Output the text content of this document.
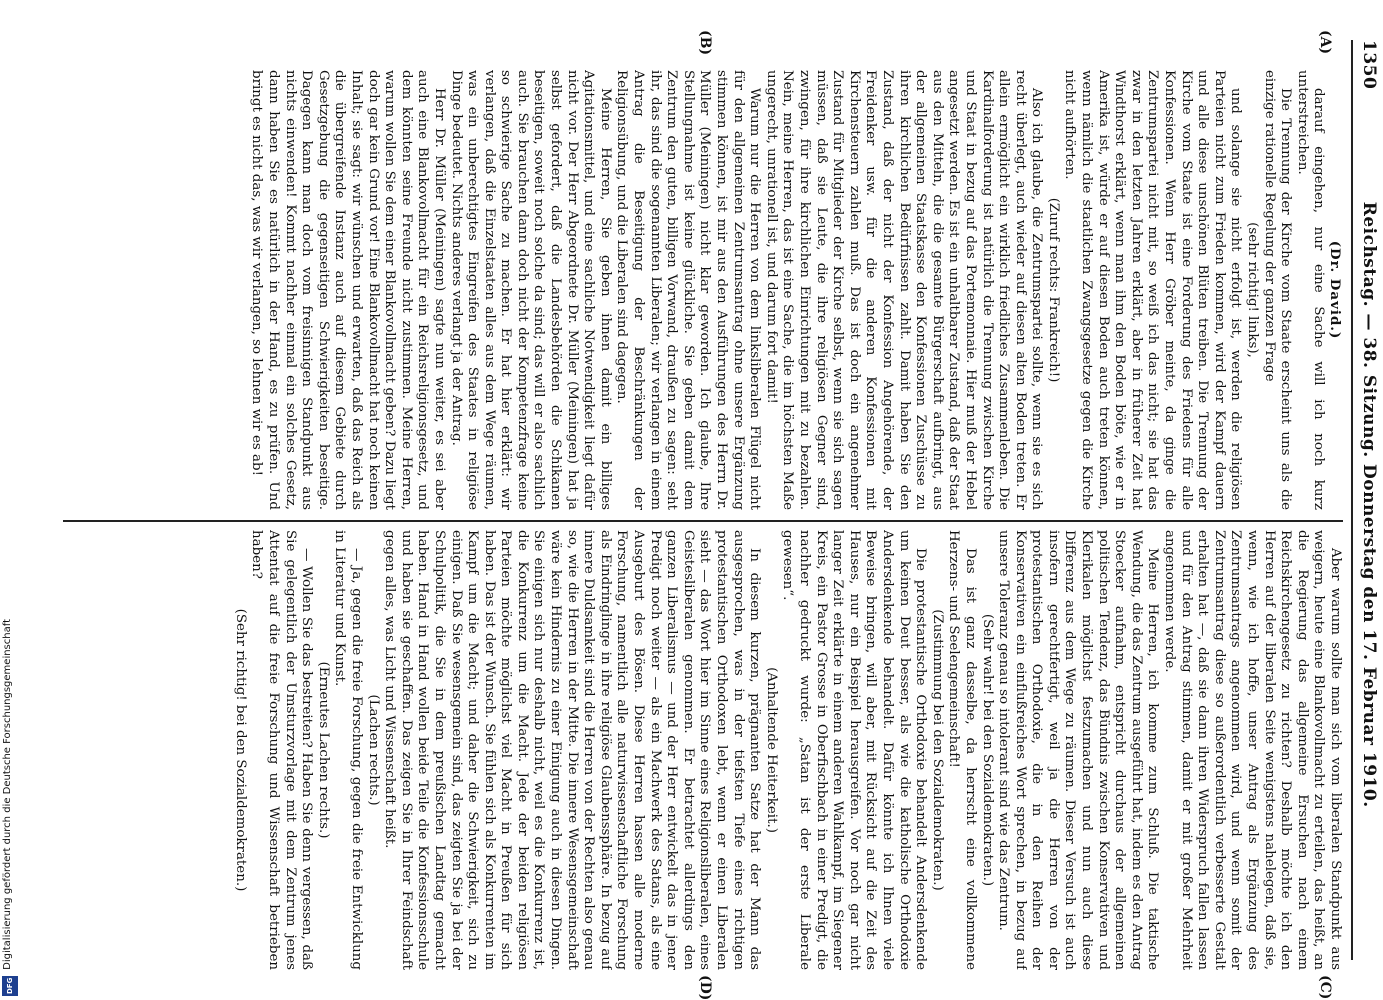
1350
Reichstag. — 38. Sitzung. Donnerstag den 17. Februar 1910.
(A)
(B)
(C)
(D)

(Dr. David.)

darauf eingehen, nur eine Sache will ich noch kurz unterstreichen.

Die Trennung der Kirche vom Staate erscheint uns als die einzige rationelle Regelung der ganzen Frage

(sehr richtig! links),

und solange sie nicht erfolgt ist, werden die religiösen Parteien nicht zum Frieden kommen, wird der Kampf dauern und alle diese unschönen Blüten treiben. Die Trennung der Kirche vom Staate ist eine Forderung des Friedens für alle Konfessionen. Wenn Herr Gröber meinte, da ginge die Zentrumspartei nicht mit, so weiß ich das nicht; sie hat das zwar in den letzten Jahren erklärt, aber in früherer Zeit hat Windthorst erklärt, wenn man ihm den Boden böte, wie er in Amerika ist, würde er auf diesen Boden auch treten können, wenn nämlich die staatlichen Zwangsgesetze gegen die Kirche nicht aufhörten.

(Zuruf rechts: Frankreich!)

Also ich glaube, die Zentrumspartei sollte, wenn sie es sich recht überlegt, auch wieder auf diesen alten Boden treten. Er allein ermöglicht ein wirklich friedliches Zusammenleben. Die Kardinalforderung ist natürlich die Trennung zwischen Kirche und Staat in bezug auf das Portemonnaie. Hier muß der Hebel angesetzt werden. Es ist ein unhaltbarer Zustand, daß der Staat aus den Mitteln, die die gesamte Bürgerschaft aufbringt, aus der allgemeinen Staatskasse den Konfessionen Zuschüsse zu ihren kirchlichen Bedürfnissen zahlt. Damit haben Sie den Zustand, daß der nicht der Konfession Angehörende, der Freidenker usw. für die anderen Konfessionen mit Kirchensteuern zahlen muß. Das ist doch ein angenehmer Zustand für Mitglieder der Kirche selbst, wenn sie sich sagen müssen, daß sie Leute, die ihre religiösen Gegner sind, zwingen, für ihre kirchlichen Einrichtungen mit zu bezahlen. Nein, meine Herren, das ist eine Sache, die im höchsten Maße ungerecht, unrationell ist, und darum fort damit!

Warum nur die Herren von dem linksliberalen Flügel nicht für den allgemeinen Zentrumsantrag ohne unsere Ergänzung stimmen können, ist mir aus den Ausführungen des Herrn Dr. Müller (Meiningen) nicht klar geworden. Ich glaube, Ihre Stellungnahme ist keine glückliche. Sie geben damit dem Zentrum den guten, billigen Vorwand, draußen zu sagen: seht ihr, das sind die sogenannten Liberalen; wir verlangen in einem Antrag die Beseitigung der Beschränkungen der Religionsübung, und die Liberalen sind dagegen.

Meine Herren, Sie geben ihnen damit ein billiges Agitationsmittel, und eine sachliche Notwendigkeit liegt dafür nicht vor. Der Herr Abgeordnete Dr. Müller (Meiningen) hat ja selbst gefordert, daß die Landesbehörden die Schikanen beseitigen, soweit noch solche da sind; das will er also sachlich auch. Sie brauchen dann doch nicht der Kompetenzfrage keine so schwierige Sache zu machen. Er hat hier erklärt: wir verlangen, daß die Einzelstaaten alles aus dem Wege räumen, was ein unberechtigtes Eingreifen des Staates in religiöse Dinge bedeutet. Nichts anderes verlangt ja der Antrag.

Herr Dr. Müller (Meiningen) sagte nun weiter, es sei aber auch eine Blankovollmacht für ein Reichsreligionsgesetz, und dem könnten seine Freunde nicht zustimmen. Meine Herren, warum wollen Sie dem einer Blankovollmacht geben? Dazu liegt doch gar kein Grund vor! Eine Blankovollmacht hat noch keinen Inhalt; sie sagt: wir wünschen und erwarten, daß das Reich als die übergreifende Instanz auch auf diesem Gebiete durch Gesetzgebung die gegenseitigen Schwierigkeiten beseitige. Dagegen kann man doch vom freisinnigen Standpunkt aus nichts einwenden! Kommt nachher einmal ein solches Gesetz, dann haben Sie es natürlich in der Hand, es zu prüfen. Und bringt es nicht das, was wir verlangen, so lehnen wir es ab!

Aber warum sollte man sich vom liberalen Standpunkt aus weigern, heute eine Blankovollmacht zu erteilen, das heißt, an die Regierung das allgemeine Ersuchen nach einem Reichskirchengesetz zu richten? Deshalb möchte ich den Herren auf der liberalen Seite wenigstens nahelegen, daß sie, wenn, wie ich hoffe, unser Antrag als Ergänzung des Zentrumsantrags angenommen wird, und wenn somit der Zentrumsantrag diese so außerordentlich verbesserte Gestalt erhalten hat —, daß sie dann ihren Widerspruch fallen lassen und für den Antrag stimmen, damit er mit großer Mehrheit angenommen werde.

Meine Herren, ich komme zum Schluß. Die taktische Wendung, die das Zentrum ausgeführt hat, indem es den Antrag Stoecker aufnahm, entspricht durchaus der allgemeinen politischen Tendenz, das Bündnis zwischen Konservativen und Klerikalen möglichst festzumachen und nun auch diese Differenz aus dem Wege zu räumen. Dieser Versuch ist auch insofern gerechtfertigt, weil ja die Herren von der protestantischen Orthodoxie, die in den Reihen der Konservativen ein einflußreiches Wort sprechen, in bezug auf unsere Toleranz genau so intolerant sind wie das Zentrum.

(Sehr wahr! bei den Sozialdemokraten.)

Das ist ganz dasselbe, da herrscht eine vollkommene Herzens- und Seelengemeinschaft!

(Zustimmung bei den Sozialdemokraten.)

Die protestantische Orthodoxie behandelt Andersdenkende um keinen Deut besser, als wie die katholische Orthodoxie Andersdenkende behandelt. Dafür könnte ich Ihnen viele Beweise bringen, will aber, mit Rücksicht auf die Zeit des Hauses, nur ein Beispiel herausgreifen. Vor noch gar nicht langer Zeit erklärte in einem anderen Wahlkampf, im Siegener Kreis, ein Pastor Grosse in Oberfischbach in einer Predigt, die nachher gedruckt wurde: „Satan ist der erste Liberale gewesen“.

(Anhaltende Heiterkeit.)

In diesem kurzen, prägnanten Satze hat der Mann das ausgesprochen, was in der tiefsten Tiefe eines richtigen protestantischen Orthodoxen lebt, wenn er einen Liberalen sieht — das Wort hier im Sinne eines Religionsliberalen, eines Geistesliberalen genommen. Er betrachtet allerdings den ganzen Liberalismus — und der Herr entwickelt das in jener Predigt noch weiter — als ein Machwerk des Satans, als eine Ausgeburt des Bösen. Diese Herren hassen alle moderne Forschung, namentlich alle naturwissenschaftliche Forschung als Eindringlinge in ihre religiöse Glaubenssphäre. In bezug auf innere Duldsamkeit sind die Herren von der Rechten also genau so, wie die Herren in der Mitte. Die innere Wesensgemeinschaft wäre kein Hindernis zu einer Einigung auch in diesen Dingen. Sie einigen sich nur deshalb nicht, weil es die Konkurrenz ist, die Konkurrenz um die Macht. Jede der beiden religiösen Parteien möchte möglichst viel Macht in Preußen für sich haben. Das ist der Wunsch. Sie fühlen sich als Konkurrenten im Kampf um die Macht; und daher die Schwierigkeit, sich zu einigen. Daß Sie wesensgemein sind, das zeigten Sie ja bei der Schulpolitik, die Sie in dem preußischen Landtag gemacht haben. Hand in Hand wollen beide Teile die Konfessionsschule und haben sie geschaffen. Das zeigen Sie in Ihrer Feindschaft gegen alles, was Licht und Wissenschaft heißt.

(Lachen rechts.)

— Ja, gegen die freie Forschung, gegen die freie Entwicklung in Literatur und Kunst.

(Erneutes Lachen rechts.)

— Wollen Sie das bestreiten? Haben Sie denn vergessen, daß Sie gelegentlich der Umsturzvorlage mit dem Zentrum jenes Attentat auf die freie Forschung und Wissenschaft betrieben haben?

(Sehr richtig! bei den Sozialdemokraten.)

Digitalisierung gefördert durch die Deutsche Forschungsgemeinschaft
DFG
